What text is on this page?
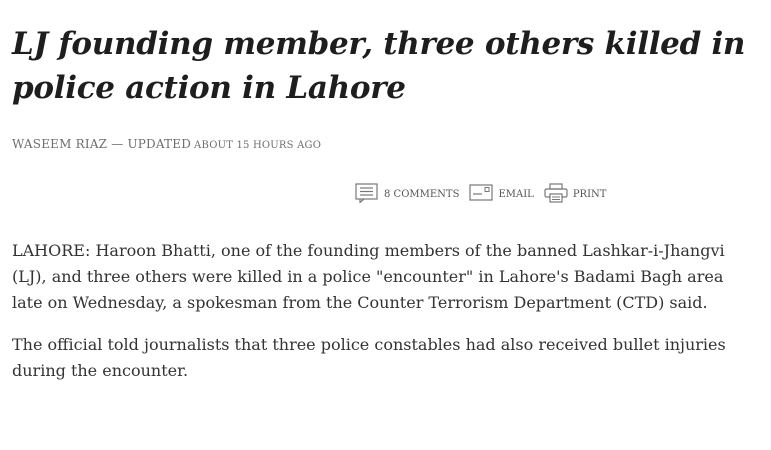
LJ founding member, three others killed in police action in Lahore
WASEEM RIAZ — UPDATED ABOUT 15 HOURS AGO
8 COMMENTS	EMAIL	PRINT

LAHORE: Haroon Bhatti, one of the founding members of the banned Lashkar-i-Jhangvi (LJ), and three others were killed in a police "encounter" in Lahore's Badami Bagh area late on Wednesday, a spokesman from the Counter Terrorism Department (CTD) said.

The official told journalists that three police constables had also received bullet injuries during the encounter.
